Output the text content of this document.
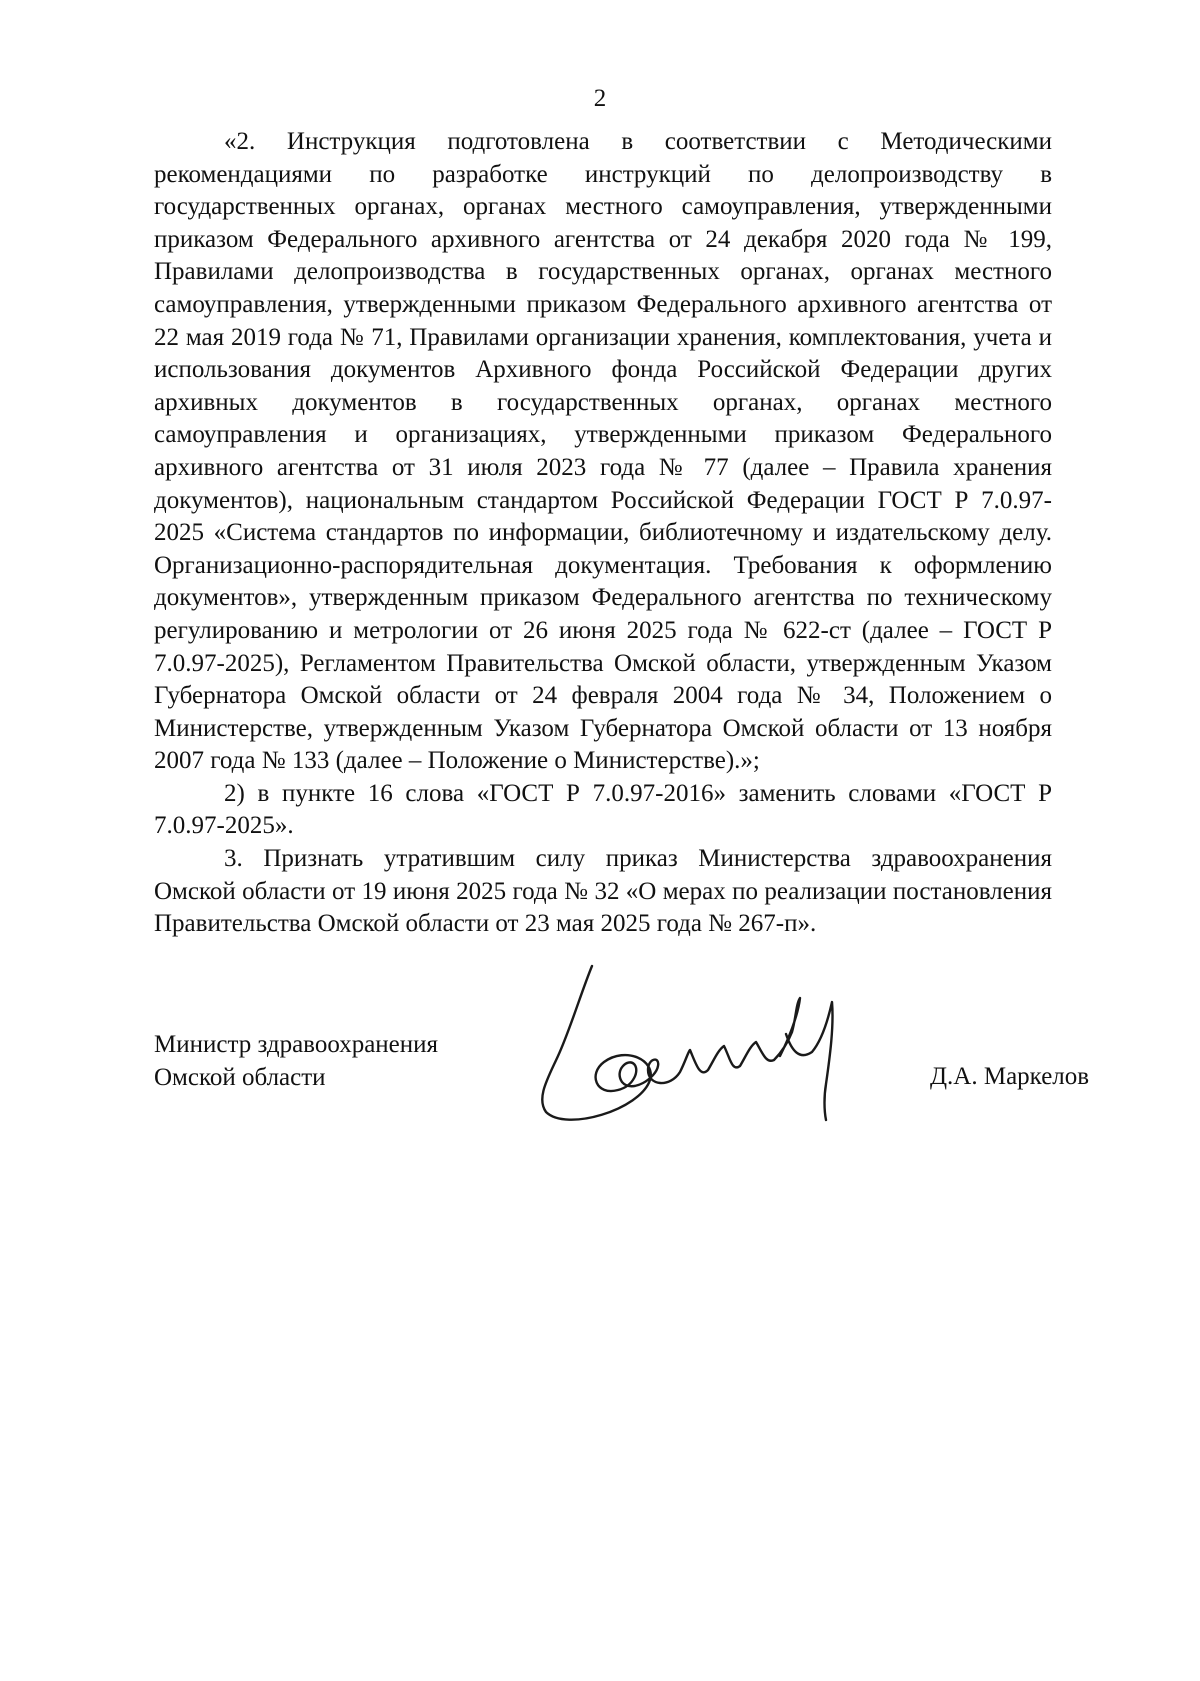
2

«2. Инструкция подготовлена в соответствии с Методическими рекомендациями по разработке инструкций по делопроизводству в государственных органах, органах местного самоуправления, утвержденными приказом Федерального архивного агентства от 24 декабря 2020 года № 199, Правилами делопроизводства в государственных органах, органах местного самоуправления, утвержденными приказом Федерального архивного агентства от 22 мая 2019 года № 71, Правилами организации хранения, комплектования, учета и использования документов Архивного фонда Российской Федерации других архивных документов в государственных органах, органах местного самоуправления и организациях, утвержденными приказом Федерального архивного агентства от 31 июля 2023 года № 77 (далее – Правила хранения документов), национальным стандартом Российской Федерации ГОСТ Р 7.0.97-2025 «Система стандартов по информации, библиотечному и издательскому делу. Организационно-распорядительная документация. Требования к оформлению документов», утвержденным приказом Федерального агентства по техническому регулированию и метрологии от 26 июня 2025 года № 622-ст (далее – ГОСТ Р 7.0.97-2025), Регламентом Правительства Омской области, утвержденным Указом Губернатора Омской области от 24 февраля 2004 года № 34, Положением о Министерстве, утвержденным Указом Губернатора Омской области от 13 ноября 2007 года № 133 (далее – Положение о Министерстве).»;

2) в пункте 16 слова «ГОСТ Р 7.0.97-2016» заменить словами «ГОСТ Р 7.0.97-2025».

3. Признать утратившим силу приказ Министерства здравоохранения Омской области от 19 июня 2025 года № 32 «О мерах по реализации постановления Правительства Омской области от 23 мая 2025 года № 267-п».

Министр здравоохранения
Омской области	Д.А. Маркелов
